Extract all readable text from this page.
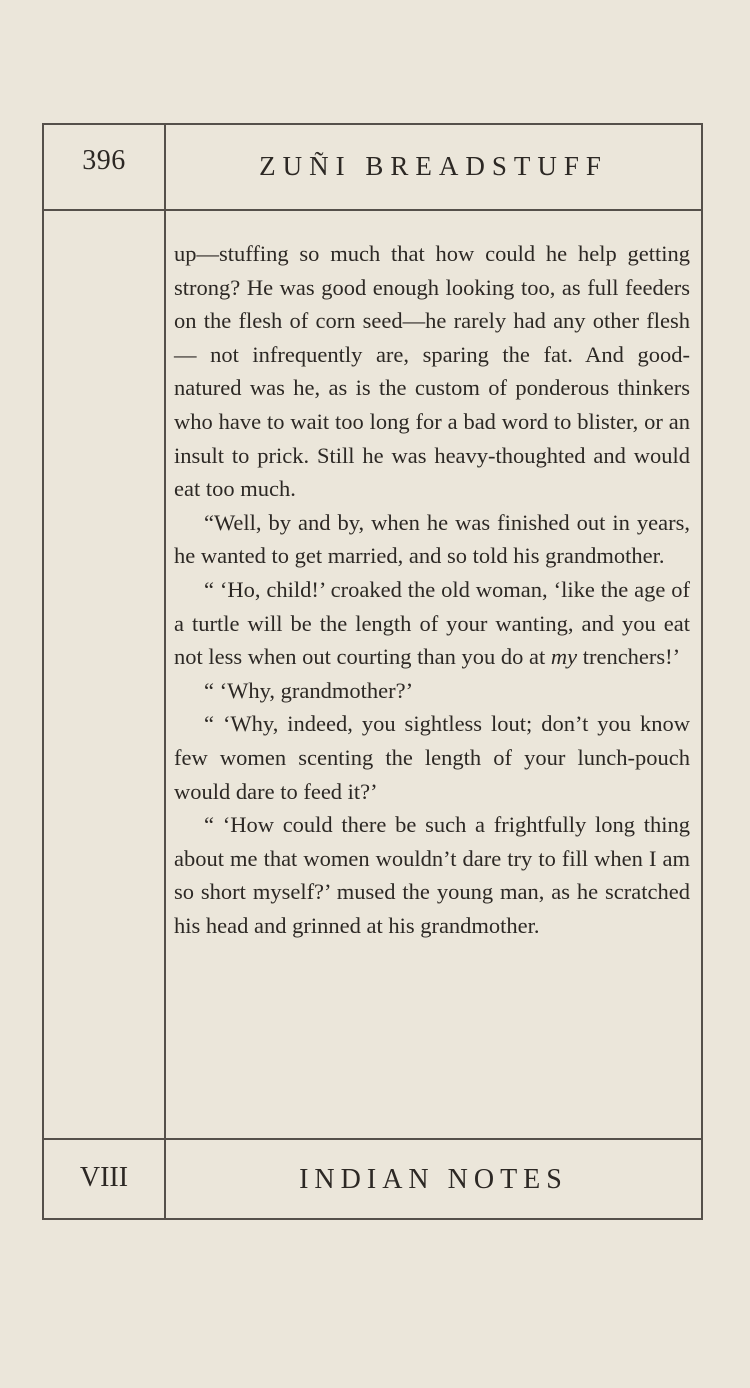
396	ZUÑI BREADSTUFF

up—stuffing so much that how could he help getting strong? He was good enough looking too, as full feeders on the flesh of corn seed—he rarely had any other flesh— not infrequently are, sparing the fat. And good-natured was he, as is the custom of ponderous thinkers who have to wait too long for a bad word to blister, or an insult to prick. Still he was heavy-thoughted and would eat too much.

“Well, by and by, when he was finished out in years, he wanted to get married, and so told his grandmother.

“ ‘Ho, child!’ croaked the old woman, ‘like the age of a turtle will be the length of your wanting, and you eat not less when out courting than you do at my trenchers!’

“ ‘Why, grandmother?’

“ ‘Why, indeed, you sightless lout; don’t you know few women scenting the length of your lunch-pouch would dare to feed it?’

“ ‘How could there be such a frightfully long thing about me that women wouldn’t dare try to fill when I am so short myself?’ mused the young man, as he scratched his head and grinned at his grandmother.

VIII	INDIAN NOTES
